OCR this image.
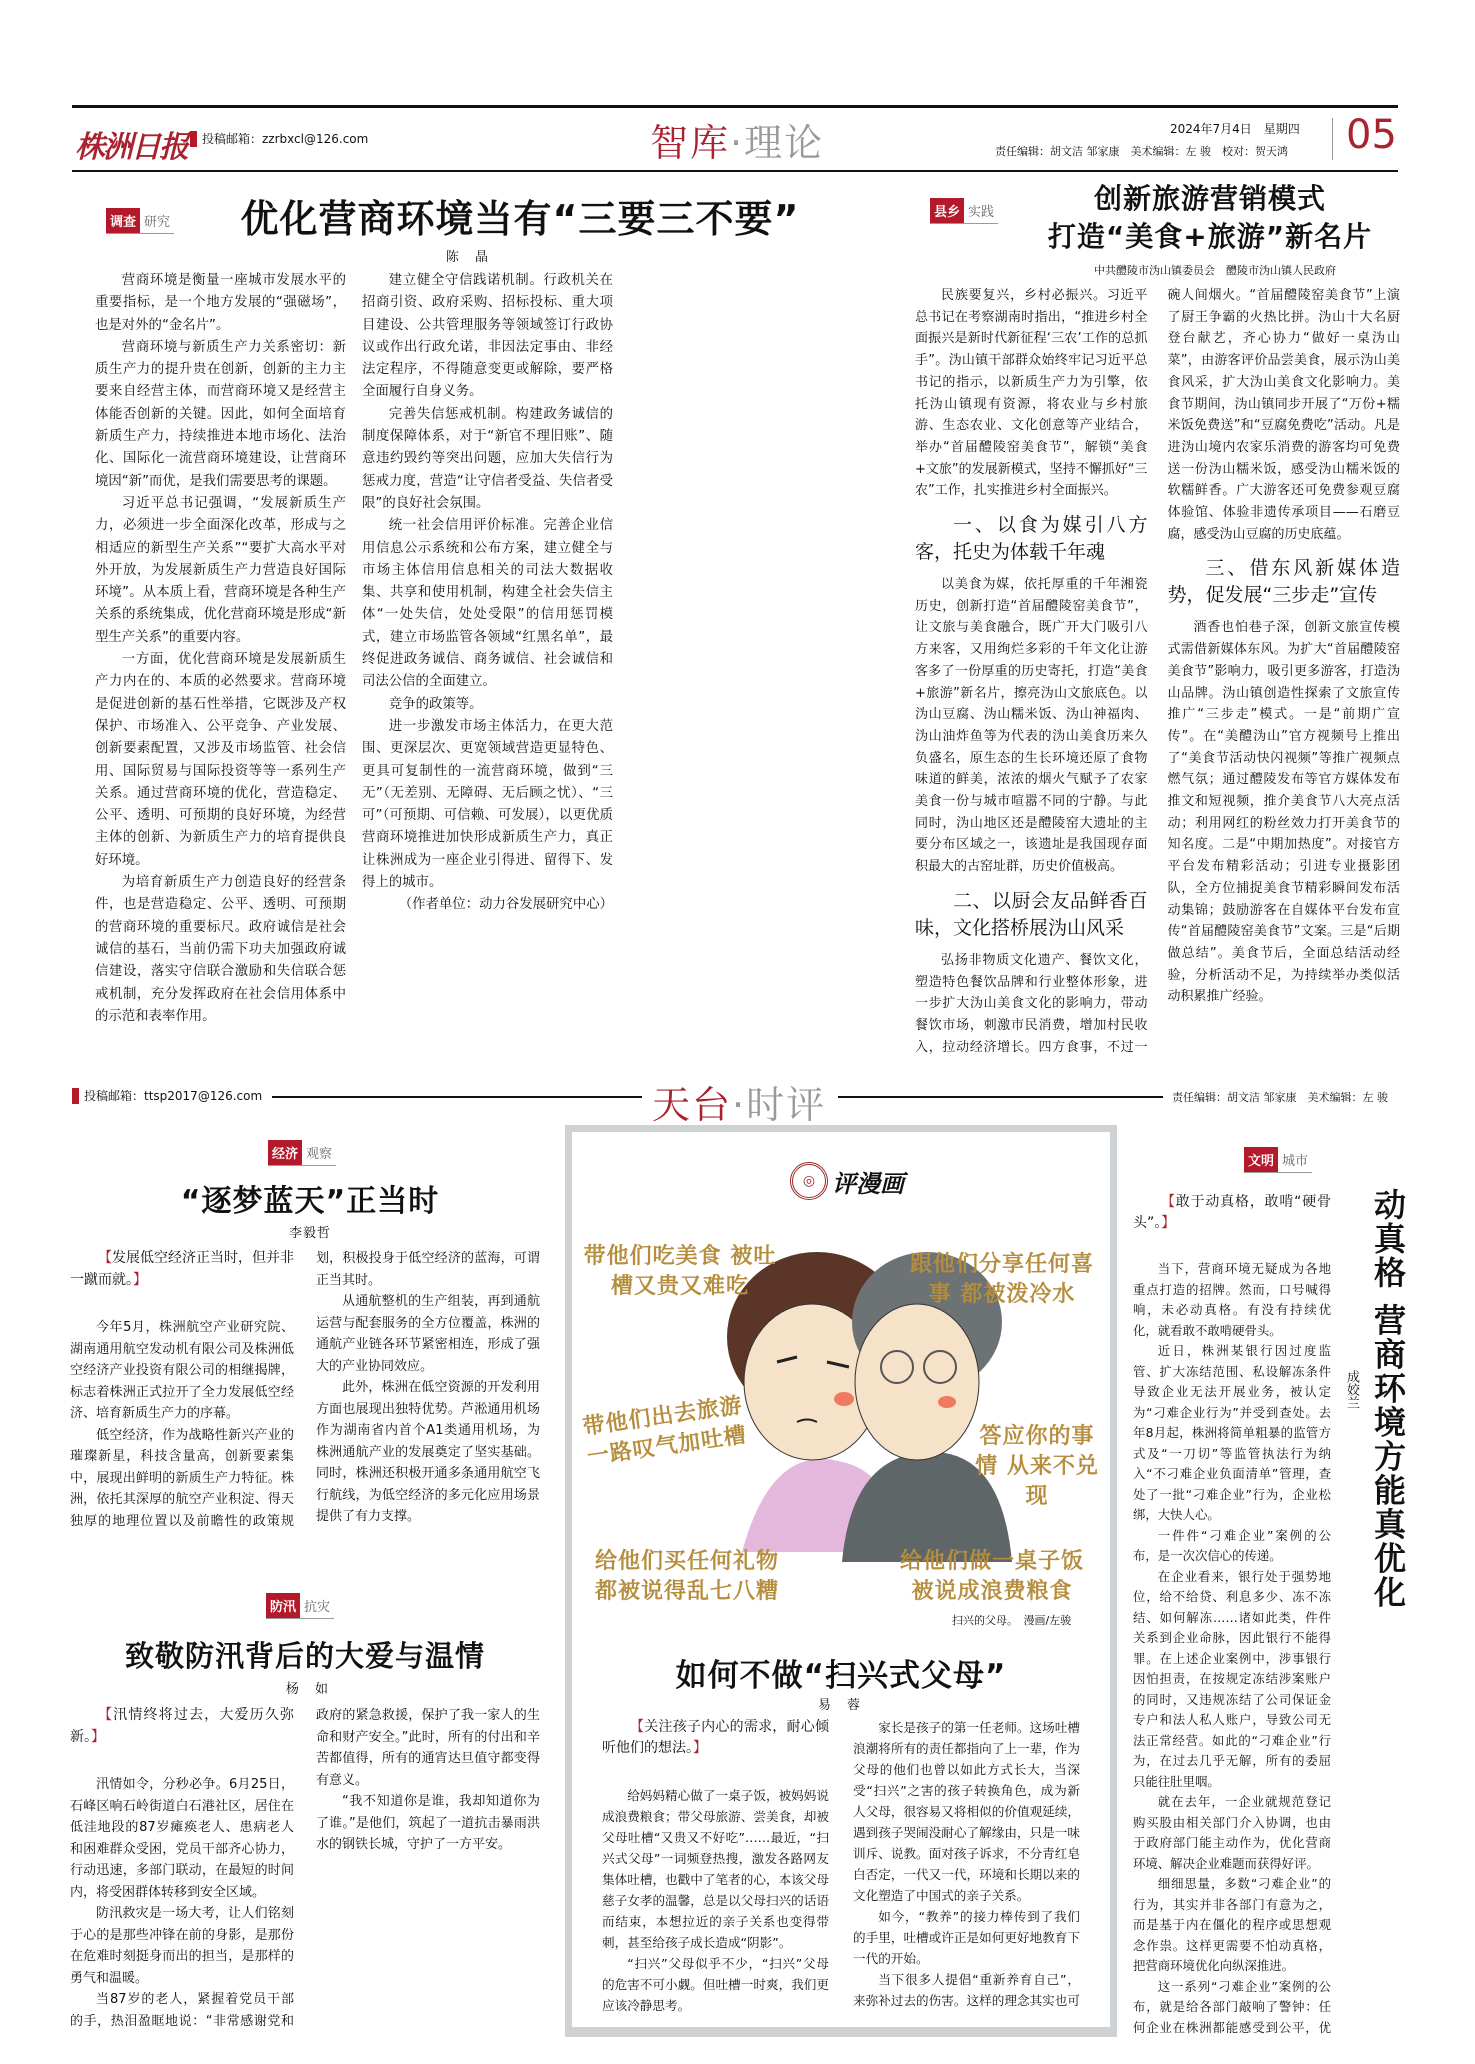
株洲日报	投稿邮箱：zzrbxcl@126.com	智库·理论	2024年7月4日　星期四
责任编辑：胡文洁 邹家康　美术编辑：左 骏　校对：贺天鸿 05
调查 研究	优化营商环境当有“三要三不要”
陈 晶

营商环境是衡量一座城市发展水平的重要指标，是一个地方发展的“强磁场”，也是对外的“金名片”。

营商环境与新质生产力关系密切：新质生产力的提升贵在创新，创新的主力主要来自经营主体，而营商环境又是经营主体能否创新的关键。因此，如何全面培育新质生产力，持续推进本地市场化、法治化、国际化一流营商环境建设，让营商环境因“新”而优，是我们需要思考的课题。

习近平总书记强调，“发展新质生产力，必须进一步全面深化改革，形成与之相适应的新型生产关系”“要扩大高水平对外开放，为发展新质生产力营造良好国际环境”。从本质上看，营商环境是各种生产关系的系统集成，优化营商环境是形成“新型生产关系”的重要内容。

一方面，优化营商环境是发展新质生产力内在的、本质的必然要求。营商环境是促进创新的基石性举措，它既涉及产权保护、市场准入、公平竞争、产业发展、创新要素配置，又涉及市场监管、社会信用、国际贸易与国际投资等等一系列生产关系。通过营商环境的优化，营造稳定、公平、透明、可预期的良好环境，为经营主体的创新、为新质生产力的培育提供良好环境。

为培育新质生产力创造良好的经营条件，也是营造稳定、公平、透明、可预期的营商环境的重要标尺。政府诚信是社会诚信的基石，当前仍需下功夫加强政府诚信建设，落实守信联合激励和失信联合惩戒机制，充分发挥政府在社会信用体系中的示范和表率作用。

建立健全守信践诺机制。行政机关在招商引资、政府采购、招标投标、重大项目建设、公共管理服务等领域签订行政协议或作出行政允诺，非因法定事由、非经法定程序，不得随意变更或解除，要严格全面履行自身义务。

完善失信惩戒机制。构建政务诚信的制度保障体系，对于“新官不理旧账”、随意违约毁约等突出问题，应加大失信行为惩戒力度，营造“让守信者受益、失信者受限”的良好社会氛围。

统一社会信用评价标准。完善企业信用信息公示系统和公布方案，建立健全与市场主体信用信息相关的司法大数据收集、共享和使用机制，构建全社会失信主体“一处失信，处处受限”的信用惩罚模式，建立市场监管各领域“红黑名单”，最终促进政务诚信、商务诚信、社会诚信和司法公信的全面建立。

竞争的政策等。

进一步激发市场主体活力，在更大范围、更深层次、更宽领域营造更显特色、更具可复制性的一流营商环境，做到“三无”（无差别、无障碍、无后顾之忧）、“三可”（可预期、可信赖、可发展），以更优质营商环境推进加快形成新质生产力，真正让株洲成为一座企业引得进、留得下、发得上的城市。

（作者单位：动力谷发展研究中心）

县乡 实践	创新旅游营销模式
打造“美食+旅游”新名片
中共醴陵市沩山镇委员会　醴陵市沩山镇人民政府

民族要复兴，乡村必振兴。习近平总书记在考察湖南时指出，“推进乡村全面振兴是新时代新征程‘三农’工作的总抓手”。沩山镇干部群众始终牢记习近平总书记的指示，以新质生产力为引擎，依托沩山镇现有资源，将农业与乡村旅游、生态农业、文化创意等产业结合，举办“首届醴陵窑美食节”，解锁“美食+文旅”的发展新模式，坚持不懈抓好“三农”工作，扎实推进乡村全面振兴。

一、以食为媒引八方客，托史为体载千年魂

以美食为媒，依托厚重的千年湘瓷历史，创新打造“首届醴陵窑美食节”，让文旅与美食融合，既广开大门吸引八方来客，又用绚烂多彩的千年文化让游客多了一份厚重的历史寄托，打造“美食+旅游”新名片，擦亮沩山文旅底色。以沩山豆腐、沩山糯米饭、沩山神福肉、沩山油炸鱼等为代表的沩山美食历来久负盛名，原生态的生长环境还原了食物味道的鲜美，浓浓的烟火气赋予了农家美食一份与城市喧嚣不同的宁静。与此同时，沩山地区还是醴陵窑大遗址的主要分布区域之一，该遗址是我国现存面积最大的古窑址群，历史价值极高。

二、以厨会友品鲜香百味，文化搭桥展沩山风采

弘扬非物质文化遗产、餐饮文化，塑造特色餐饮品牌和行业整体形象，进一步扩大沩山美食文化的影响力，带动餐饮市场，刺激市民消费，增加村民收入，拉动经济增长。四方食事，不过一碗人间烟火。“首届醴陵窑美食节”上演了厨王争霸的火热比拼。沩山十大名厨登台献艺，齐心协力“做好一桌沩山菜”，由游客评价品尝美食，展示沩山美食风采，扩大沩山美食文化影响力。美食节期间，沩山镇同步开展了“万份+糯米饭免费送”和“豆腐免费吃”活动。凡是进沩山境内农家乐消费的游客均可免费送一份沩山糯米饭，感受沩山糯米饭的软糯鲜香。广大游客还可免费参观豆腐体验馆、体验非遗传承项目——石磨豆腐，感受沩山豆腐的历史底蕴。

三、借东风新媒体造势，促发展“三步走”宣传

酒香也怕巷子深，创新文旅宣传模式需借新媒体东风。为扩大“首届醴陵窑美食节”影响力，吸引更多游客，打造沩山品牌。沩山镇创造性探索了文旅宣传推广“三步走”模式。一是“前期广宣传”。在“美醴沩山”官方视频号上推出了“美食节活动快闪视频”等推广视频点燃气氛；通过醴陵发布等官方媒体发布推文和短视频，推介美食节八大亮点活动；利用网红的粉丝效力打开美食节的知名度。二是“中期加热度”。对接官方平台发布精彩活动；引进专业摄影团队，全方位捕捉美食节精彩瞬间发布活动集锦；鼓励游客在自媒体平台发布宣传“首届醴陵窑美食节”文案。三是“后期做总结”。美食节后，全面总结活动经验，分析活动不足，为持续举办类似活动积累推广经验。

投稿邮箱：ttsp2017@126.com	天台·时评	责任编辑：胡文洁 邹家康　美术编辑：左 骏
经济 观察
“逐梦蓝天”正当时
李毅哲
【 发展低空经济正当时，但并非一蹴而就。 】

今年5月，株洲航空产业研究院、湖南通用航空发动机有限公司及株洲低空经济产业投资有限公司的相继揭牌，标志着株洲正式拉开了全力发展低空经济、培育新质生产力的序幕。

低空经济，作为战略性新兴产业的璀璨新星，科技含量高，创新要素集中，展现出鲜明的新质生产力特征。株洲，依托其深厚的航空产业积淀、得天独厚的地理位置以及前瞻性的政策规划，积极投身于低空经济的蓝海，可谓正当其时。

从通航整机的生产组装，再到通航运营与配套服务的全方位覆盖，株洲的通航产业链各环节紧密相连，形成了强大的产业协同效应。

此外，株洲在低空资源的开发利用方面也展现出独特优势。芦淞通用机场作为湖南省内首个A1类通用机场，为株洲通航产业的发展奠定了坚实基础。同时，株洲还积极开通多条通用航空飞行航线，为低空经济的多元化应用场景提供了有力支撑。

防汛 抗灾
致敬防汛背后的大爱与温情
杨 如
【 汛情终将过去，大爱历久弥新。 】

汛情如令，分秒必争。6月25日，石峰区响石岭街道白石港社区，居住在低洼地段的87岁瘫痪老人、患病老人和困难群众受困，党员干部齐心协力，行动迅速，多部门联动，在最短的时间内，将受困群体转移到安全区域。

防汛救灾是一场大考，让人们铭刻于心的是那些冲锋在前的身影，是那份在危难时刻挺身而出的担当，是那样的勇气和温暖。

当87岁的老人，紧握着党员干部的手，热泪盈眶地说：“非常感谢党和政府的紧急救援，保护了我一家人的生命和财产安全。”此时，所有的付出和辛苦都值得，所有的通宵达旦值守都变得有意义。

“我不知道你是谁，我却知道你为了谁。”是他们，筑起了一道抗击暴雨洪水的钢铁长城，守护了一方平安。

◎ 评漫画
带他们吃美食 被吐槽又贵又难吃
跟他们分享任何喜事 都被泼冷水
带他们出去旅游 一路叹气加吐槽	答应你的事情 从来不兑现
给他们买任何礼物 都被说得乱七八糟
给他们做一桌子饭 被说成浪费粮食
扫兴的父母。　漫画/左骏
如何不做“扫兴式父母”
易 蓉
【 关注孩子内心的需求，耐心倾听他们的想法。 】

给妈妈精心做了一桌子饭，被妈妈说成浪费粮食；带父母旅游、尝美食，却被父母吐槽“又贵又不好吃”……最近，“扫兴式父母”一词频登热搜，激发各路网友集体吐槽，也戳中了笔者的心，本该父母慈子女孝的温馨，总是以父母扫兴的话语而结束，本想拉近的亲子关系也变得带刺，甚至给孩子成长造成“阴影”。

“扫兴”父母似乎不少，“扫兴”父母的危害不可小觑。但吐槽一时爽，我们更应该冷静思考。

家长是孩子的第一任老师。这场吐槽浪潮将所有的责任都指向了上一辈，作为父母的他们也曾以如此方式长大，当深受“扫兴”之害的孩子转换角色，成为新人父母，很容易又将相似的价值观延续，遇到孩子哭闹没耐心了解缘由，只是一味训斥、说教。面对孩子诉求，不分青红皂白否定，一代又一代，环境和长期以来的文化塑造了中国式的亲子关系。

如今，“教养”的接力棒传到了我们的手里，吐槽或许正是如何更好地教育下一代的开始。

当下很多人提倡“重新养育自己”，来弥补过去的伤害。这样的理念其实也可

文明 城市
动真格 营商环境方能真优化
成姣兰
【 敢于动真格，敢啃“硬骨头”。 】

当下，营商环境无疑成为各地重点打造的招牌。然而，口号喊得响，未必动真格。有没有持续优化，就看敢不敢啃硬骨头。

近日，株洲某银行因过度监管、扩大冻结范围、私设解冻条件导致企业无法开展业务，被认定为“刁难企业行为”并受到查处。去年8月起，株洲将简单粗暴的监管方式及“一刀切”等监管执法行为纳入“不刁难企业负面清单”管理，查处了一批“刁难企业”行为，企业松绑，大快人心。

一件件“刁难企业”案例的公布，是一次次信心的传递。

在企业看来，银行处于强势地位，给不给贷、利息多少、冻不冻结、如何解冻……诸如此类，件件关系到企业命脉，因此银行不能得罪。在上述企业案例中，涉事银行因怕担责，在按规定冻结涉案账户的同时，又违规冻结了公司保证金专户和法人私人账户，导致公司无法正常经营。如此的“刁难企业”行为，在过去几乎无解，所有的委屈只能往肚里咽。

就在去年，一企业就规范登记购买股由相关部门介入协调，也由于政府部门能主动作为，优化营商环境、解决企业难题而获得好评。

细细思量，多数“刁难企业”的行为，其实并非各部门有意为之，而是基于内在僵化的程序或思想观念作祟。这样更需要不怕动真格，把营商环境优化向纵深推进。

这一系列“刁难企业”案例的公布，就是给各部门敲响了警钟：任何企业在株洲都能感受到公平，优
